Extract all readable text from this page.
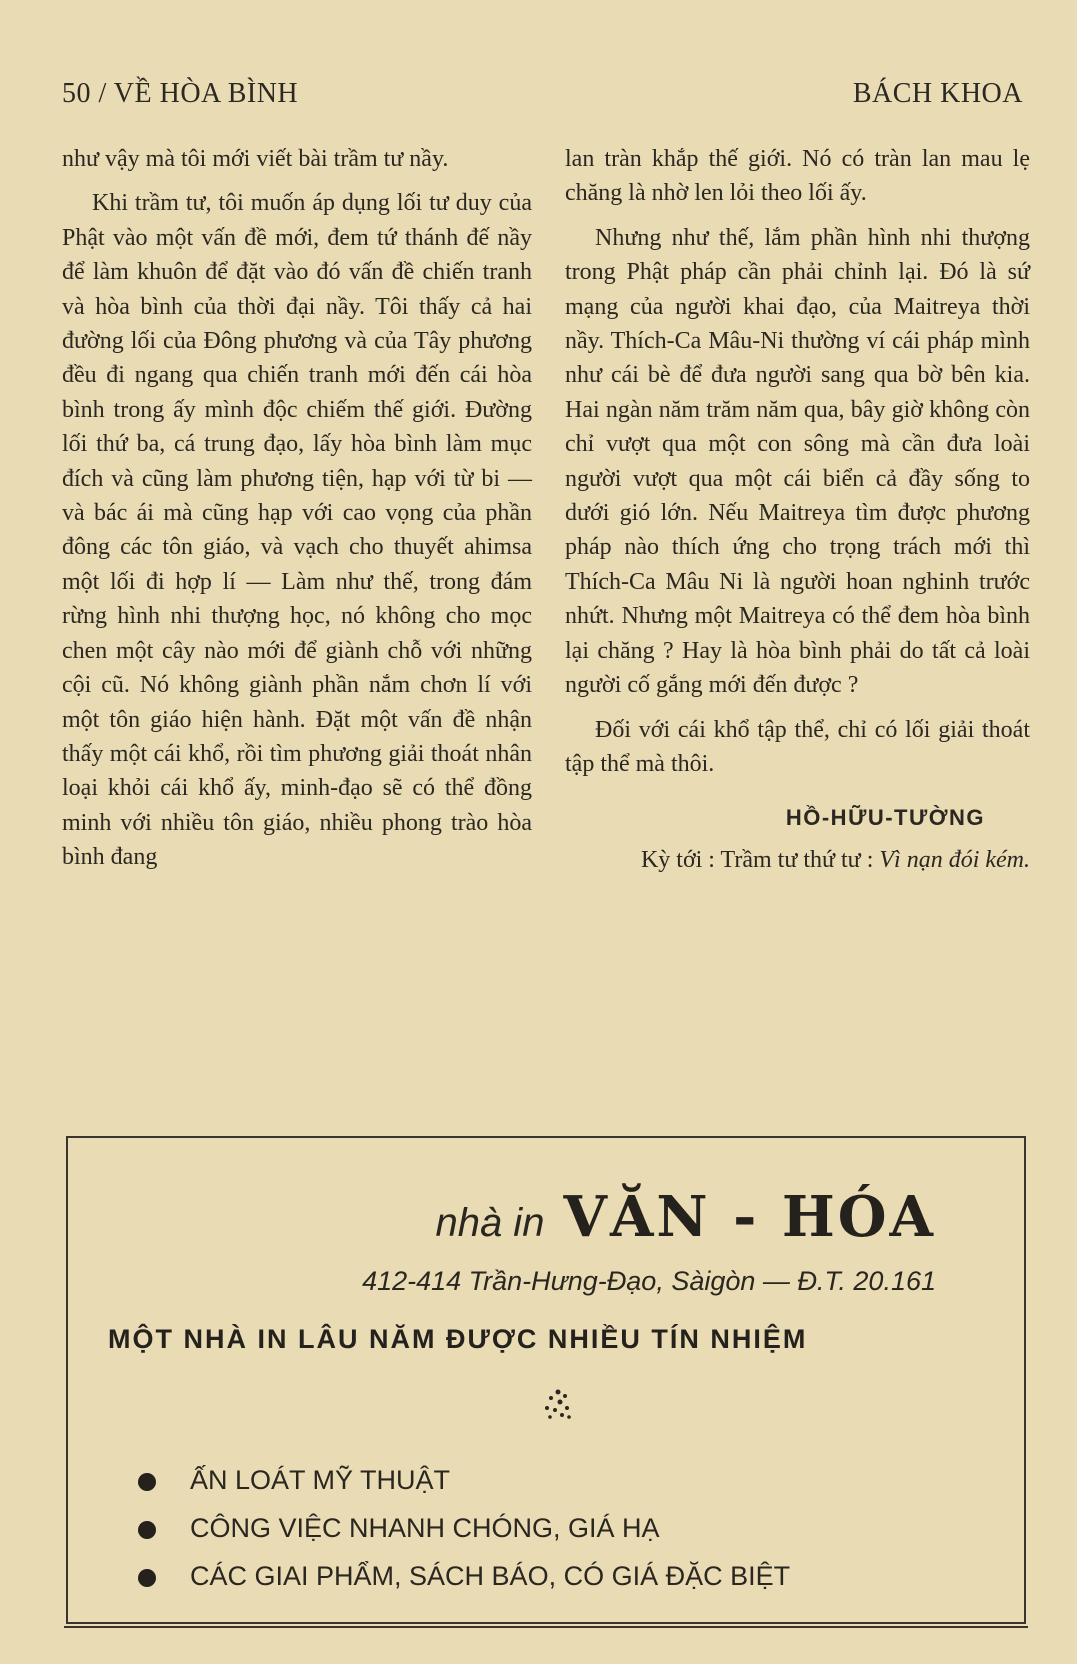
50 / VỀ HÒA BÌNH	BÁCH KHOA

như vậy mà tôi mới viết bài trầm tư nầy.

Khi trầm tư, tôi muốn áp dụng lối tư duy của Phật vào một vấn đề mới, đem tứ thánh đế nầy để làm khuôn để đặt vào đó vấn đề chiến tranh và hòa bình của thời đại nầy. Tôi thấy cả hai đường lối của Đông phương và của Tây phương đều đi ngang qua chiến tranh mới đến cái hòa bình trong ấy mình độc chiếm thế giới. Đường lối thứ ba, cá trung đạo, lấy hòa bình làm mục đích và cũng làm phương tiện, hạp với từ bi — và bác ái mà cũng hạp với cao vọng của phần đông các tôn giáo, và vạch cho thuyết ahimsa một lối đi hợp lí — Làm như thế, trong đám rừng hình nhi thượng học, nó không cho mọc chen một cây nào mới để giành chỗ với những cội cũ. Nó không giành phần nắm chơn lí với một tôn giáo hiện hành. Đặt một vấn đề nhận thấy một cái khổ, rồi tìm phương giải thoát nhân loại khỏi cái khổ ấy, minh-đạo sẽ có thể đồng minh với nhiều tôn giáo, nhiều phong trào hòa bình đang

lan tràn khắp thế giới. Nó có tràn lan mau lẹ chăng là nhờ len lỏi theo lối ấy.

Nhưng như thế, lắm phần hình nhi thượng trong Phật pháp cần phải chỉnh lại. Đó là sứ mạng của người khai đạo, của Maitreya thời nầy. Thích-Ca Mâu-Ni thường ví cái pháp mình như cái bè để đưa người sang qua bờ bên kia. Hai ngàn năm trăm năm qua, bây giờ không còn chỉ vượt qua một con sông mà cần đưa loài người vượt qua một cái biển cả đầy sống to dưới gió lớn. Nếu Maitreya tìm được phương pháp nào thích ứng cho trọng trách mới thì Thích-Ca Mâu Ni là người hoan nghinh trước nhứt. Nhưng một Maitreya có thể đem hòa bình lại chăng ? Hay là hòa bình phải do tất cả loài người cố gắng mới đến được ?

Đối với cái khổ tập thể, chỉ có lối giải thoát tập thể mà thôi.

HỒ-HỮU-TƯỜNG
Kỳ tới : Trầm tư thứ tư : Vì nạn đói kém.
nhà in VĂN - HÓA
412-414 Trần-Hưng-Đạo, Sàigòn — Đ.T. 20.161
MỘT NHÀ IN LÂU NĂM ĐƯỢC NHIỀU TÍN NHIỆM
ẤN LOÁT MỸ THUẬT
CÔNG VIỆC NHANH CHÓNG, GIÁ HẠ
CÁC GIAI PHẨM, SÁCH BÁO, CÓ GIÁ ĐẶC BIỆT
